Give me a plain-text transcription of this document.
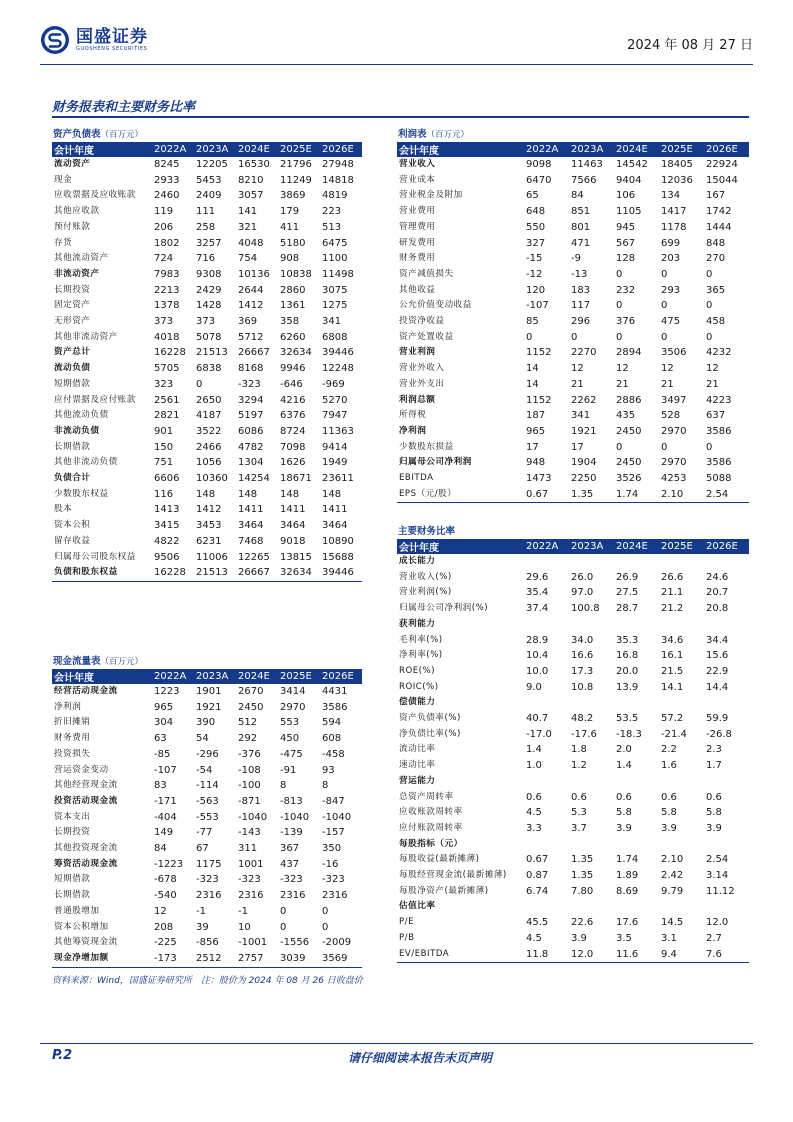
国盛证券
GUOSHENG SECURITIES	2024 年 08 月 27 日
财务报表和主要财务比率
资产负债表（百万元）
会计年度	2022A	2023A	2024E	2025E	2026E
流动资产	8245	12205	16530	21796	27948
现金	2933	5453	8210	11249	14818
应收票据及应收账款	2460	2409	3057	3869	4819
其他应收款	119	111	141	179	223
预付账款	206	258	321	411	513
存货	1802	3257	4048	5180	6475
其他流动资产	724	716	754	908	1100
非流动资产	7983	9308	10136	10838	11498
长期投资	2213	2429	2644	2860	3075
固定资产	1378	1428	1412	1361	1275
无形资产	373	373	369	358	341
其他非流动资产	4018	5078	5712	6260	6808
资产总计	16228	21513	26667	32634	39446
流动负债	5705	6838	8168	9946	12248
短期借款	323	0	-323	-646	-969
应付票据及应付账款	2561	2650	3294	4216	5270
其他流动负债	2821	4187	5197	6376	7947
非流动负债	901	3522	6086	8724	11363
长期借款	150	2466	4782	7098	9414
其他非流动负债	751	1056	1304	1626	1949
负债合计	6606	10360	14254	18671	23611
少数股东权益	116	148	148	148	148
股本	1413	1412	1411	1411	1411
资本公积	3415	3453	3464	3464	3464
留存收益	4822	6231	7468	9018	10890
归属母公司股东权益	9506	11006	12265	13815	15688
负债和股东权益	16228	21513	26667	32634	39446
利润表（百万元）
会计年度	2022A	2023A	2024E	2025E	2026E
营业收入	9098	11463	14542	18405	22924
营业成本	6470	7566	9404	12036	15044
营业税金及附加	65	84	106	134	167
营业费用	648	851	1105	1417	1742
管理费用	550	801	945	1178	1444
研发费用	327	471	567	699	848
财务费用	-15	-9	128	203	270
资产减值损失	-12	-13	0	0	0
其他收益	120	183	232	293	365
公允价值变动收益	-107	117	0	0	0
投资净收益	85	296	376	475	458
资产处置收益	0	0	0	0	0
营业利润	1152	2270	2894	3506	4232
营业外收入	14	12	12	12	12
营业外支出	14	21	21	21	21
利润总额	1152	2262	2886	3497	4223
所得税	187	341	435	528	637
净利润	965	1921	2450	2970	3586
少数股东损益	17	17	0	0	0
归属母公司净利润	948	1904	2450	2970	3586
EBITDA	1473	2250	3526	4253	5088
EPS（元/股）	0.67	1.35	1.74	2.10	2.54
主要财务比率
会计年度	2022A	2023A	2024E	2025E	2026E
成长能力					
营业收入(%)	29.6	26.0	26.9	26.6	24.6
营业利润(%)	35.4	97.0	27.5	21.1	20.7
归属母公司净利润(%)	37.4	100.8	28.7	21.2	20.8
获利能力					
毛利率(%)	28.9	34.0	35.3	34.6	34.4
净利率(%)	10.4	16.6	16.8	16.1	15.6
ROE(%)	10.0	17.3	20.0	21.5	22.9
ROIC(%)	9.0	10.8	13.9	14.1	14.4
偿债能力					
资产负债率(%)	40.7	48.2	53.5	57.2	59.9
净负债比率(%)	-17.0	-17.6	-18.3	-21.4	-26.8
流动比率	1.4	1.8	2.0	2.2	2.3
速动比率	1.0	1.2	1.4	1.6	1.7
营运能力					
总资产周转率	0.6	0.6	0.6	0.6	0.6
应收账款周转率	4.5	5.3	5.8	5.8	5.8
应付账款周转率	3.3	3.7	3.9	3.9	3.9
每股指标（元）					
每股收益(最新摊薄)	0.67	1.35	1.74	2.10	2.54
每股经营现金流(最新摊薄)	0.87	1.35	1.89	2.42	3.14
每股净资产(最新摊薄)	6.74	7.80	8.69	9.79	11.12
估值比率					
P/E	45.5	22.6	17.6	14.5	12.0
P/B	4.5	3.9	3.5	3.1	2.7
EV/EBITDA	11.8	12.0	11.6	9.4	7.6
现金流量表（百万元）
会计年度	2022A	2023A	2024E	2025E	2026E
经营活动现金流	1223	1901	2670	3414	4431
净利润	965	1921	2450	2970	3586
折旧摊销	304	390	512	553	594
财务费用	63	54	292	450	608
投资损失	-85	-296	-376	-475	-458
营运资金变动	-107	-54	-108	-91	93
其他经营现金流	83	-114	-100	8	8
投资活动现金流	-171	-563	-871	-813	-847
资本支出	-404	-553	-1040	-1040	-1040
长期投资	149	-77	-143	-139	-157
其他投资现金流	84	67	311	367	350
筹资活动现金流	-1223	1175	1001	437	-16
短期借款	-678	-323	-323	-323	-323
长期借款	-540	2316	2316	2316	2316
普通股增加	12	-1	-1	0	0
资本公积增加	208	39	10	0	0
其他筹资现金流	-225	-856	-1001	-1556	-2009
现金净增加额	-173	2512	2757	3039	3569
资料来源：Wind，国盛证券研究所　注：股价为 2024 年 08 月 26 日收盘价
P.2	请仔细阅读本报告末页声明
